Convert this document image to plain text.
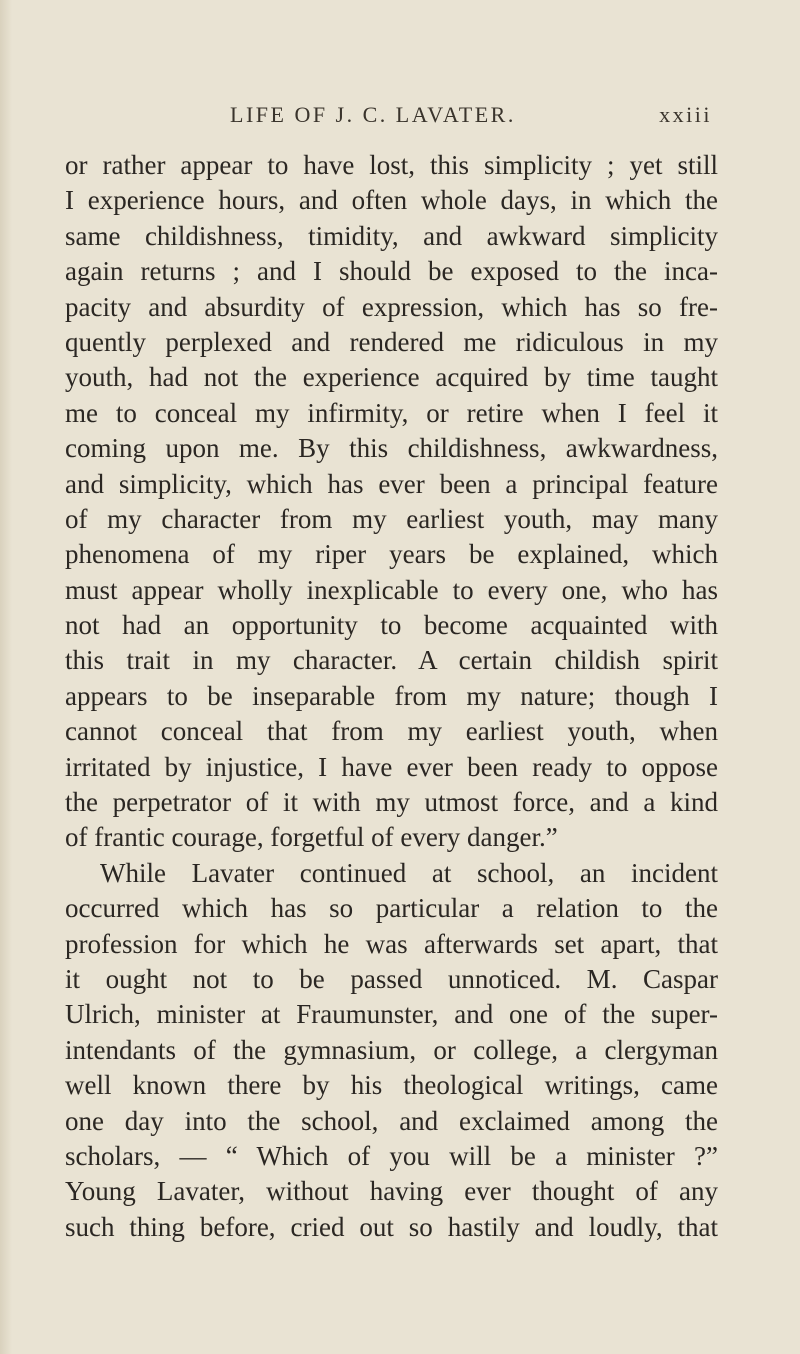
LIFE OF J. C. LAVATER.	xxiii
or rather appear to have lost, this simplicity ; yet still
I experience hours, and often whole days, in which the
same childishness, timidity, and awkward simplicity
again returns ; and I should be exposed to the inca-
pacity and absurdity of expression, which has so fre-
quently perplexed and rendered me ridiculous in my
youth, had not the experience acquired by time taught
me to conceal my infirmity, or retire when I feel it
coming upon me. By this childishness, awkwardness,
and simplicity, which has ever been a principal feature
of my character from my earliest youth, may many
phenomena of my riper years be explained, which
must appear wholly inexplicable to every one, who has
not had an opportunity to become acquainted with
this trait in my character. A certain childish spirit
appears to be inseparable from my nature; though I
cannot conceal that from my earliest youth, when
irritated by injustice, I have ever been ready to oppose
the perpetrator of it with my utmost force, and a kind
of frantic courage, forgetful of every danger.”
While Lavater continued at school, an incident
occurred which has so particular a relation to the
profession for which he was afterwards set apart, that
it ought not to be passed unnoticed. M. Caspar
Ulrich, minister at Fraumunster, and one of the super-
intendants of the gymnasium, or college, a clergyman
well known there by his theological writings, came
one day into the school, and exclaimed among the
scholars, — “ Which of you will be a minister ?”
Young Lavater, without having ever thought of any
such thing before, cried out so hastily and loudly, that
